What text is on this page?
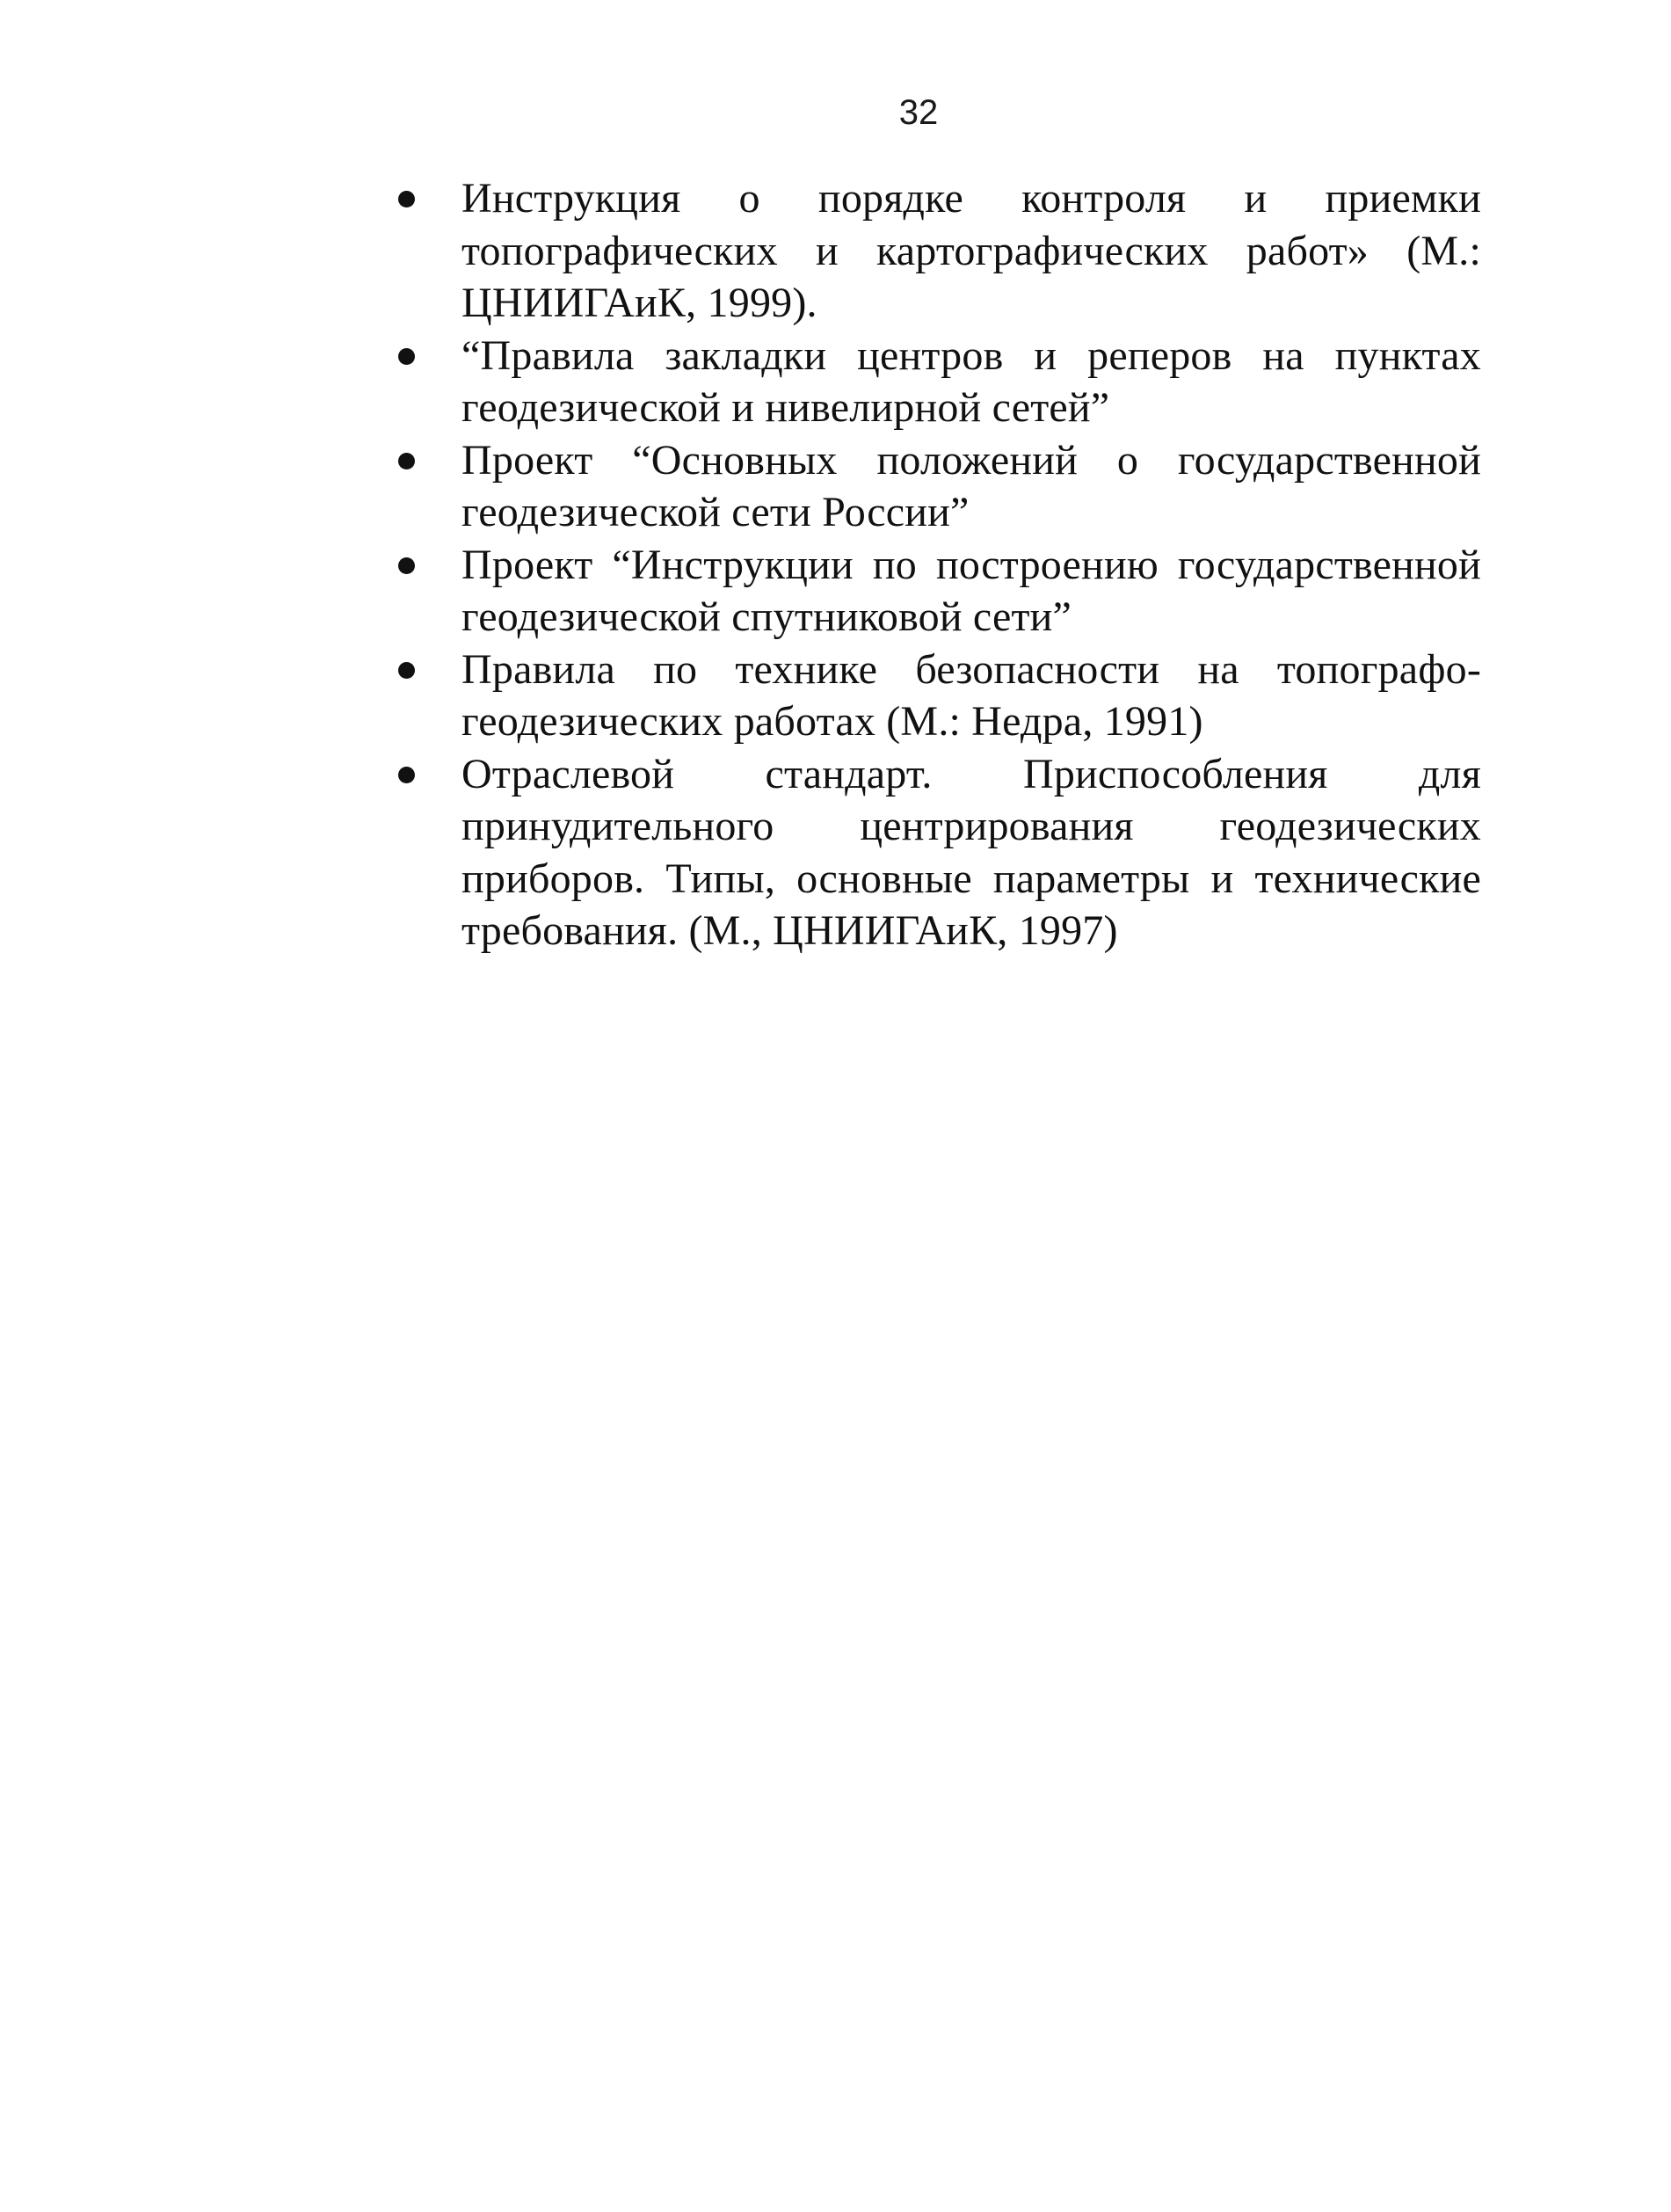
32
Инструкция о порядке контроля и приемки топографических и картографических работ» (М.: ЦНИИГАиК, 1999).
“Правила закладки центров и реперов на пунктах геодезической и нивелирной сетей”
Проект “Основных положений о государственной геодезической сети России”
Проект “Инструкции по построению государственной геодезической спутниковой сети”
Правила по технике безопасности на топографо-геодезических работах (М.: Недра, 1991)
Отраслевой стандарт. Приспособления для принудительного центрирования геодезических приборов. Типы, основные параметры и технические требования. (М., ЦНИИГАиК, 1997)
